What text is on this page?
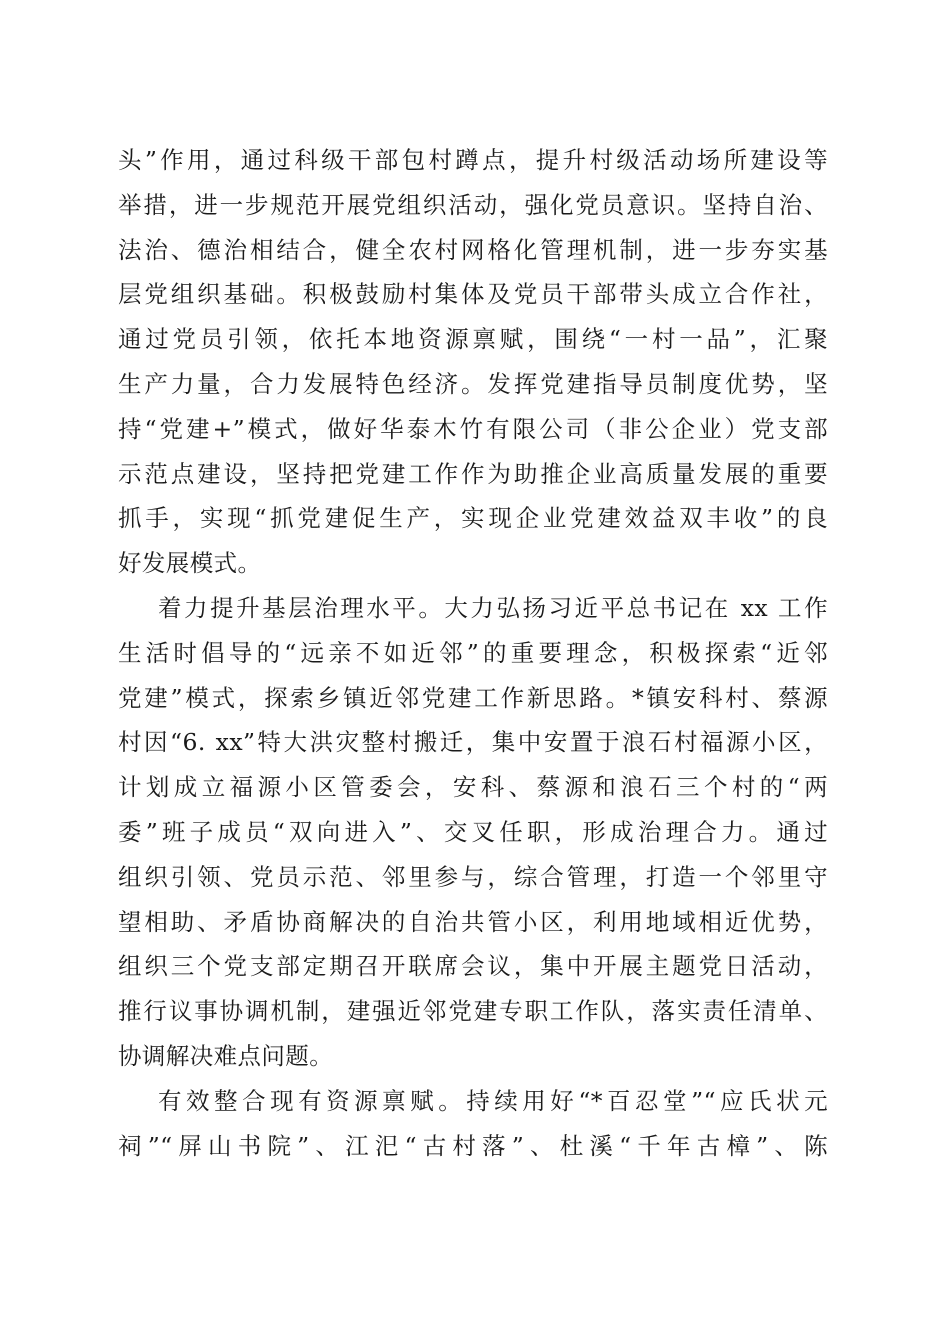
头”作用，通过科级干部包村蹲点，提升村级活动场所建设等
举措，进一步规范开展党组织活动，强化党员意识。坚持自治、
法治、德治相结合，健全农村网格化管理机制，进一步夯实基
层党组织基础。积极鼓励村集体及党员干部带头成立合作社，
通过党员引领，依托本地资源禀赋，围绕“一村一品”，汇聚
生产力量，合力发展特色经济。发挥党建指导员制度优势，坚
持“党建+”模式，做好华泰木竹有限公司（非公企业）党支部
示范点建设，坚持把党建工作作为助推企业高质量发展的重要
抓手，实现“抓党建促生产，实现企业党建效益双丰收”的良
好发展模式。
着力提升基层治理水平。大力弘扬习近平总书记在 xx 工作
生活时倡导的“远亲不如近邻”的重要理念，积极探索“近邻
党建”模式，探索乡镇近邻党建工作新思路。*镇安科村、蔡源
村因“6. xx”特大洪灾整村搬迁，集中安置于浪石村福源小区，
计划成立福源小区管委会，安科、蔡源和浪石三个村的“两
委”班子成员“双向进入”、交叉任职，形成治理合力。通过
组织引领、党员示范、邻里参与，综合管理，打造一个邻里守
望相助、矛盾协商解决的自治共管小区，利用地域相近优势，
组织三个党支部定期召开联席会议，集中开展主题党日活动，
推行议事协调机制，建强近邻党建专职工作队，落实责任清单、
协调解决难点问题。
有效整合现有资源禀赋。持续用好“*百忍堂”“应氏状元
祠”“屏山书院”、江汜“古村落”、杜溪“千年古樟”、陈
